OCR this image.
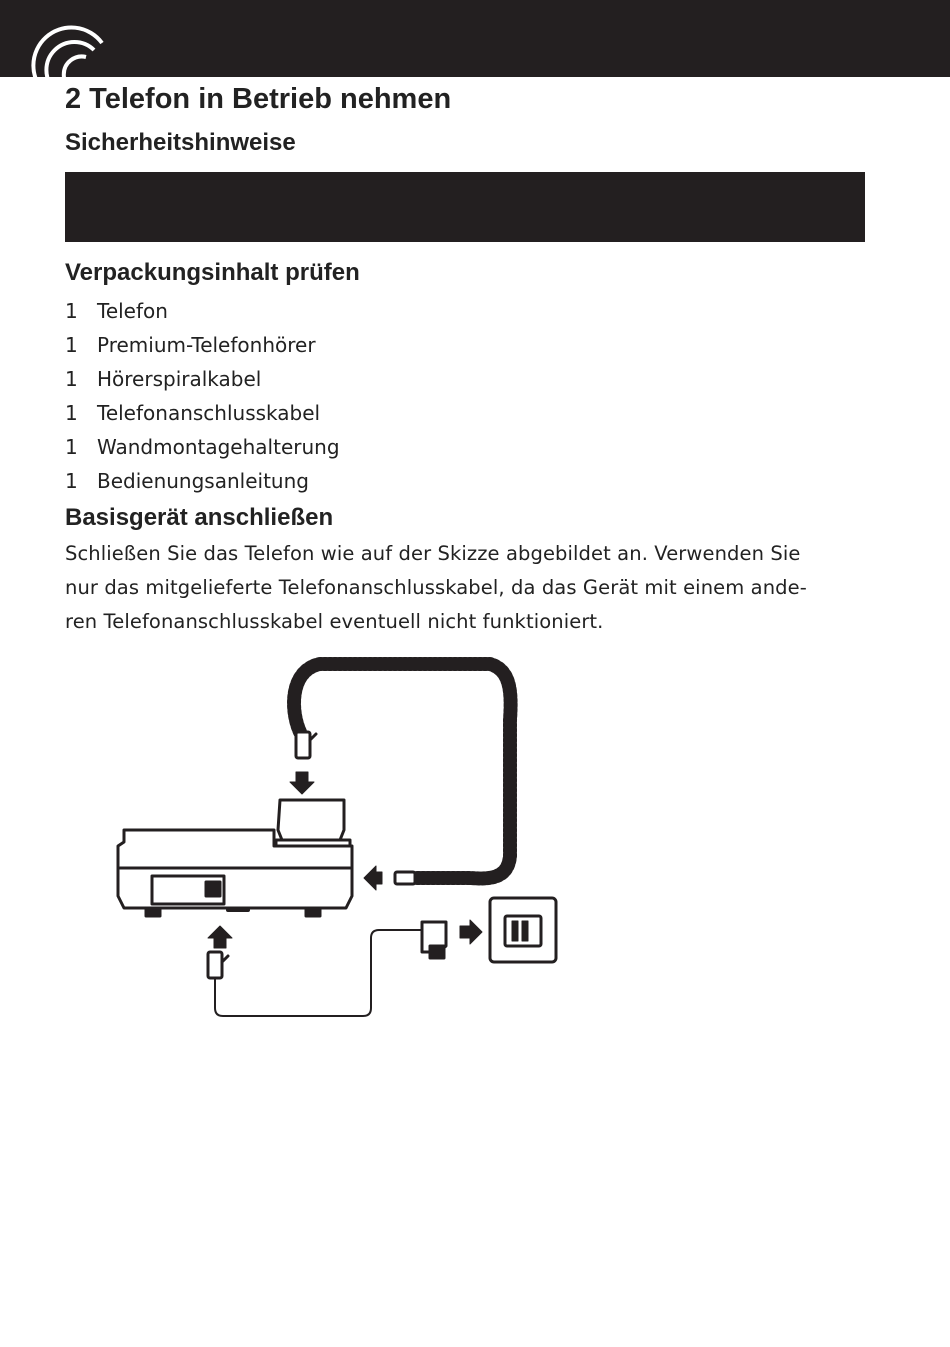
2 Telefon in Betrieb nehmen
Sicherheitshinweise
Verpackungsinhalt prüfen
1 Telefon
1 Premium-Telefonhörer
1 Hörerspiralkabel
1 Telefonanschlusskabel
1 Wandmontagehalterung
1 Bedienungsanleitung
Basisgerät anschließen

Schließen Sie das Telefon wie auf der Skizze abgebildet an. Verwenden Sie
nur das mitgelieferte Telefonanschlusskabel, da das Gerät mit einem ande-
ren Telefonanschlusskabel eventuell nicht funktioniert.
